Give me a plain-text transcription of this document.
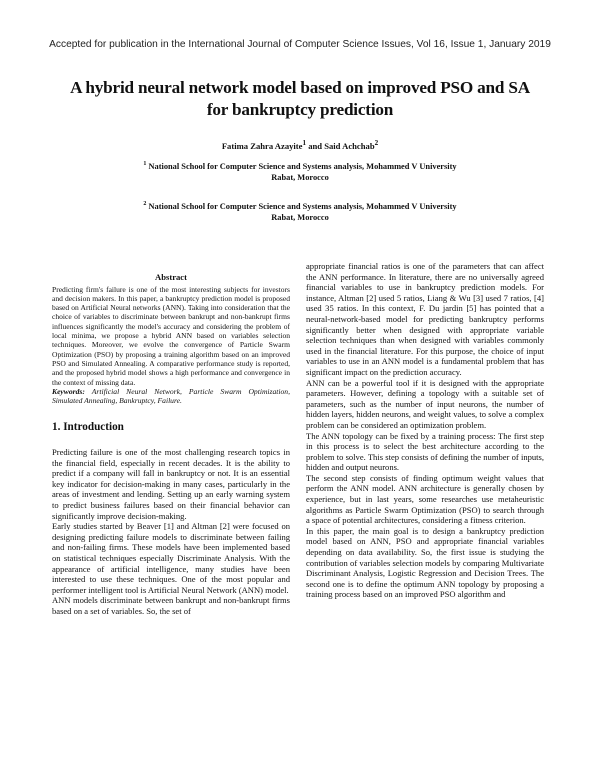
Accepted for publication in the International Journal of Computer Science Issues, Vol 16, Issue 1, January 2019
A hybrid neural network model based on improved PSO and SA
for bankruptcy prediction
Fatima Zahra Azayite$^1$ and Said Achchab$^2$
$^1$ National School for Computer Science and Systems analysis, Mohammed V University
Rabat, Morocco
$^2$ National School for Computer Science and Systems analysis, Mohammed V University
Rabat, Morocco
Abstract

Predicting firm's failure is one of the most interesting subjects for investors and decision makers. In this paper, a bankruptcy prediction model is proposed based on Artificial Neural networks (ANN). Taking into consideration that the choice of variables to discriminate between bankrupt and non-bankrupt firms influences significantly the model's accuracy and considering the problem of local minima, we propose a hybrid ANN based on variables selection techniques. Moreover, we evolve the convergence of Particle Swarm Optimization (PSO) by proposing a training algorithm based on an improved PSO and Simulated Annealing. A comparative performance study is reported, and the proposed hybrid model shows a high performance and convergence in the context of missing data.

Keywords: Artificial Neural Network, Particle Swarm Optimization, Simulated Annealing, Bankruptcy, Failure.

1. Introduction

Predicting failure is one of the most challenging research topics in the financial field, especially in recent decades. It is the ability to predict if a company will fall in bankruptcy or not. It is an essential key indicator for decision-making in many cases, particularly in the areas of investment and lending. Setting up an early warning system to predict business failures based on their financial behavior can significantly improve decision-making.

Early studies started by Beaver [1] and Altman [2] were focused on designing predicting failure models to discriminate between failing and non-failing firms. These models have been implemented based on statistical techniques especially Discriminate Analysis. With the appearance of artificial intelligence, many studies have been interested to use these techniques. One of the most popular and performer intelligent tool is Artificial Neural Network (ANN) model.

ANN models discriminate between bankrupt and non-bankrupt firms based on a set of variables. So, the set of

appropriate financial ratios is one of the parameters that can affect the ANN performance. In literature, there are no universally agreed financial variables to use in bankruptcy prediction models. For instance, Altman [2] used 5 ratios, Liang & Wu [3] used 7 ratios, [4] used 35 ratios. In this context, F. Du jardin [5] has pointed that a neural-network-based model for predicting bankruptcy performs significantly better when designed with appropriate variable selection techniques than when designed with variables commonly used in the financial literature. For this purpose, the choice of input variables to use in an ANN model is a fundamental problem that has significant impact on the prediction accuracy.

ANN can be a powerful tool if it is designed with the appropriate parameters. However, defining a topology with a suitable set of parameters, such as the number of input neurons, the number of hidden layers, hidden neurons, and weight values, to solve a complex problem can be considered an optimization problem.

The ANN topology can be fixed by a training process: The first step in this process is to select the best architecture according to the problem to solve. This step consists of defining the number of inputs, hidden and output neurons.

The second step consists of finding optimum weight values that perform the ANN model. ANN architecture is generally chosen by experience, but in last years, some researches use metaheuristic algorithms as Particle Swarm Optimization (PSO) to search through a space of potential architectures, considering a fitness criterion.

In this paper, the main goal is to design a bankruptcy prediction model based on ANN, PSO and appropriate financial variables depending on data availability. So, the first issue is studying the contribution of variables selection models by comparing Multivariate Discriminant Analysis, Logistic Regression and Decision Trees. The second one is to define the optimum ANN topology by proposing a training process based on an improved PSO algorithm and
